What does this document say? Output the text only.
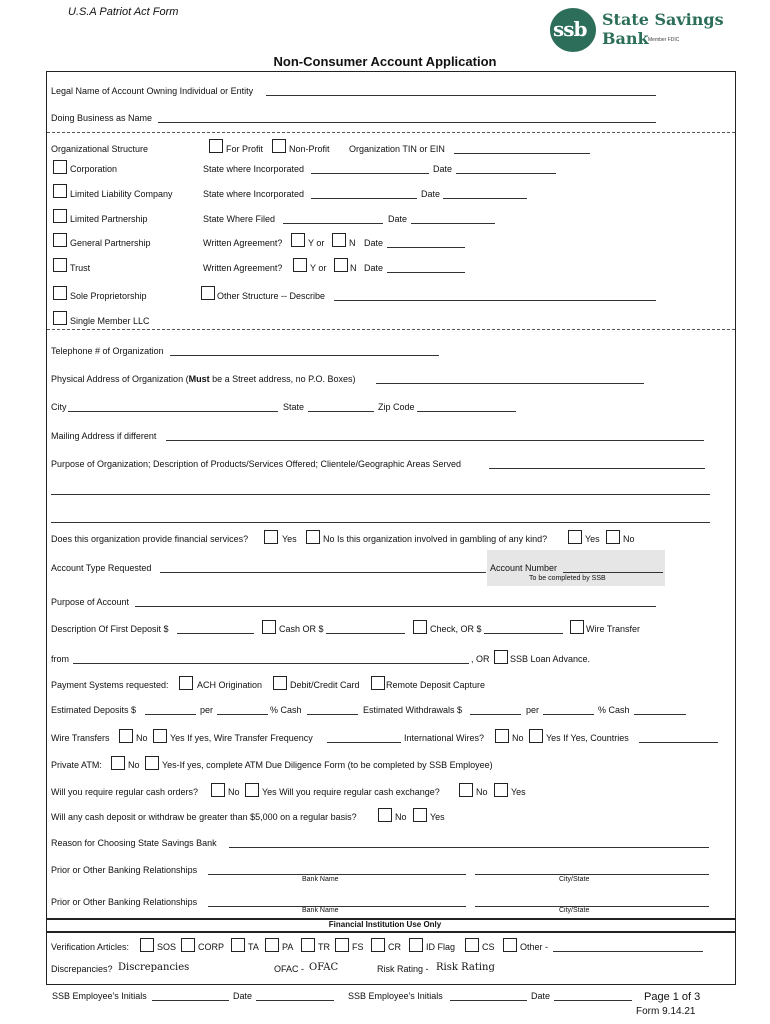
U.S.A Patriot Act Form
ssb State Savings
Bank Member FDIC
Non-Consumer Account Application
Legal Name of Account Owning Individual or Entity
Doing Business as Name
Organizational Structure	For Profit	Non-Profit Organization TIN or EIN
Corporation	State where Incorporated	Date
Limited Liability Company	State where Incorporated	Date
Limited Partnership	State Where Filed	Date
General Partnership	Written Agreement?	Y or	N Date
Trust	Written Agreement?	Y or	N Date
Sole Proprietorship	Other Structure -- Describe
Single Member LLC
Telephone # of Organization
Physical Address of Organization (Must be a Street address, no P.O. Boxes)
City	State	Zip Code
Mailing Address if different
Purpose of Organization; Description of Products/Services Offered; Clientele/Geographic Areas Served
Does this organization provide financial services?	Yes	No Is this organization involved in gambling of any kind?	Yes	No
Account Type Requested	Account Number
To be completed by SSB
Purpose of Account
Description Of First Deposit $	Cash OR $	Check, OR $	Wire Transfer
from	, OR SSB Loan Advance.
Payment Systems requested:	ACH Origination	Debit/Credit Card	Remote Deposit Capture
Estimated Deposits $	per	% Cash	Estimated Withdrawals $	per	% Cash
Wire Transfers	No Yes If yes, Wire Transfer Frequency	International Wires?	No Yes If Yes, Countries
Private ATM:	No Yes-If yes, complete ATM Due Diligence Form (to be completed by SSB Employee)
Will you require regular cash orders?	No Yes Will you require regular cash exchange?	No	Yes
Will any cash deposit or withdraw be greater than $5,000 on a regular basis?	No	Yes
Reason for Choosing State Savings Bank
Prior or Other Banking Relationships
Bank Name	City/State
Prior or Other Banking Relationships
Bank Name	City/State
Financial Institution Use Only
Verification Articles:	SOS CORP	TA	PA	TR FS	CR	ID Flag	CS	Other -
Discrepancies? Discrepancies	OFAC - OFAC	Risk Rating - Risk Rating
SSB Employee's Initials	Date	SSB Employee's Initials	Date	Page 1 of 3
Form 9.14.21
